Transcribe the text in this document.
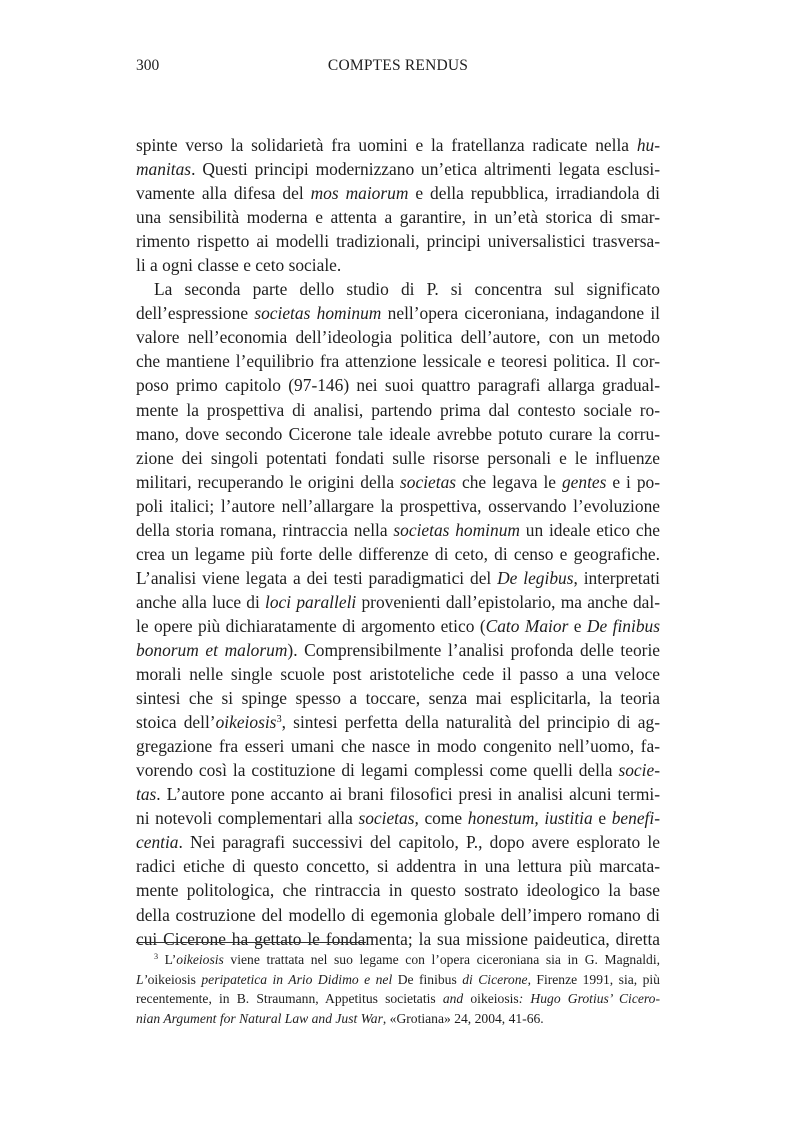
300	COMPTES RENDUS
spinte verso la solidarietà fra uomini e la fratellanza radicate nella hu-
manitas. Questi principi modernizzano un’etica altrimenti legata esclusi-
vamente alla difesa del mos maiorum e della repubblica, irradiandola di
una sensibilità moderna e attenta a garantire, in un’età storica di smar-
rimento rispetto ai modelli tradizionali, principi universalistici trasversa-
li a ogni classe e ceto sociale.
La seconda parte dello studio di P. si concentra sul significato
dell’espressione societas hominum nell’opera ciceroniana, indagandone il
valore nell’economia dell’ideologia politica dell’autore, con un metodo
che mantiene l’equilibrio fra attenzione lessicale e teoresi politica. Il cor-
poso primo capitolo (97-146) nei suoi quattro paragrafi allarga gradual-
mente la prospettiva di analisi, partendo prima dal contesto sociale ro-
mano, dove secondo Cicerone tale ideale avrebbe potuto curare la corru-
zione dei singoli potentati fondati sulle risorse personali e le influenze
militari, recuperando le origini della societas che legava le gentes e i po-
poli italici; l’autore nell’allargare la prospettiva, osservando l’evoluzione
della storia romana, rintraccia nella societas hominum un ideale etico che
crea un legame più forte delle differenze di ceto, di censo e geografiche.
L’analisi viene legata a dei testi paradigmatici del De legibus, interpretati
anche alla luce di loci paralleli provenienti dall’epistolario, ma anche dal-
le opere più dichiaratamente di argomento etico (Cato Maior e De finibus
bonorum et malorum). Comprensibilmente l’analisi profonda delle teorie
morali nelle single scuole post aristoteliche cede il passo a una veloce
sintesi che si spinge spesso a toccare, senza mai esplicitarla, la teoria
stoica dell’oikeiosis$^3$, sintesi perfetta della naturalità del principio di ag-
gregazione fra esseri umani che nasce in modo congenito nell’uomo, fa-
vorendo così la costituzione di legami complessi come quelli della socie-
tas. L’autore pone accanto ai brani filosofici presi in analisi alcuni termi-
ni notevoli complementari alla societas, come honestum, iustitia e benefi-
centia. Nei paragrafi successivi del capitolo, P., dopo avere esplorato le
radici etiche di questo concetto, si addentra in una lettura più marcata-
mente politologica, che rintraccia in questo sostrato ideologico la base
della costruzione del modello di egemonia globale dell’impero romano di
cui Cicerone ha gettato le fondamenta; la sua missione paideutica, diretta
$^3$ L’oikeiosis viene trattata nel suo legame con l’opera ciceroniana sia in G. Magnaldi,
L’oikeiosis peripatetica in Ario Didimo e nel De finibus di Cicerone, Firenze 1991, sia, più
recentemente, in B. Straumann, Appetitus societatis and oikeiosis: Hugo Grotius’ Cicero-
nian Argument for Natural Law and Just War, «Grotiana» 24, 2004, 41-66.
